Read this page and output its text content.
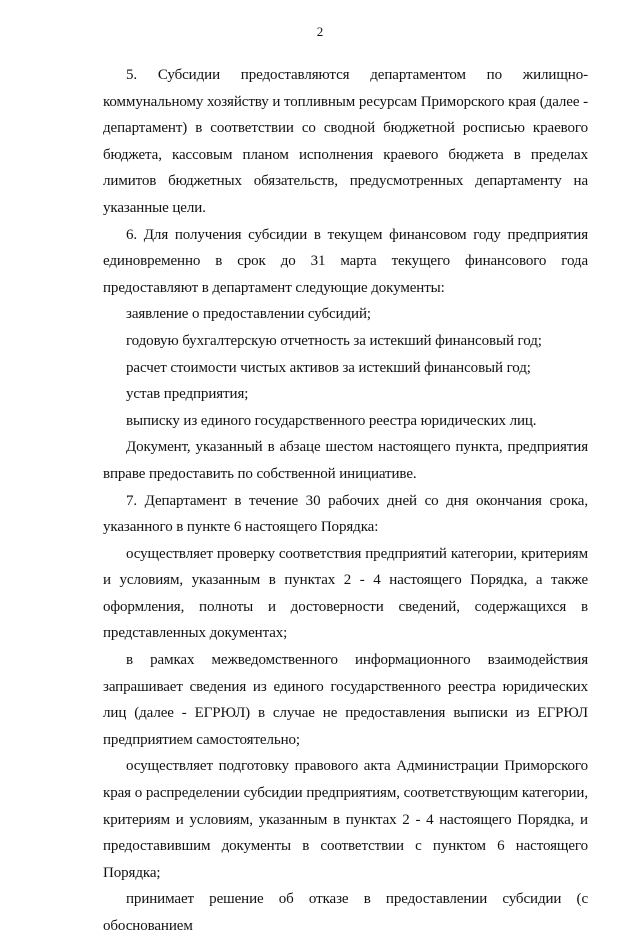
2

5. Субсидии предоставляются департаментом по жилищно-коммунальному хозяйству и топливным ресурсам Приморского края (далее - департамент) в соответствии со сводной бюджетной росписью краевого бюджета, кассовым планом исполнения краевого бюджета в пределах лимитов бюджетных обязательств, предусмотренных департаменту на указанные цели.

6. Для получения субсидии в текущем финансовом году предприятия единовременно в срок до 31 марта текущего финансового года предоставляют в департамент следующие документы:

заявление о предоставлении субсидий;

годовую бухгалтерскую отчетность за истекший финансовый год;

расчет стоимости чистых активов за истекший финансовый год;

устав предприятия;

выписку из единого государственного реестра юридических лиц.

Документ, указанный в абзаце шестом настоящего пункта, предприятия вправе предоставить по собственной инициативе.

7. Департамент в течение 30 рабочих дней со дня окончания срока, указанного в пункте 6 настоящего Порядка:

осуществляет проверку соответствия предприятий категории, критериям и условиям, указанным в пунктах 2 - 4 настоящего Порядка, а также оформления, полноты и достоверности сведений, содержащихся в представленных документах;

в рамках межведомственного информационного взаимодействия запрашивает сведения из единого государственного реестра юридических лиц (далее - ЕГРЮЛ) в случае не предоставления выписки из ЕГРЮЛ предприятием самостоятельно;

осуществляет подготовку правового акта Администрации Приморского края о распределении субсидии предприятиям, соответствующим категории, критериям и условиям, указанным в пунктах 2 - 4 настоящего Порядка, и предоставившим документы в соответствии с пунктом 6 настоящего Порядка;

принимает решение об отказе в предоставлении субсидии (с обоснованием
